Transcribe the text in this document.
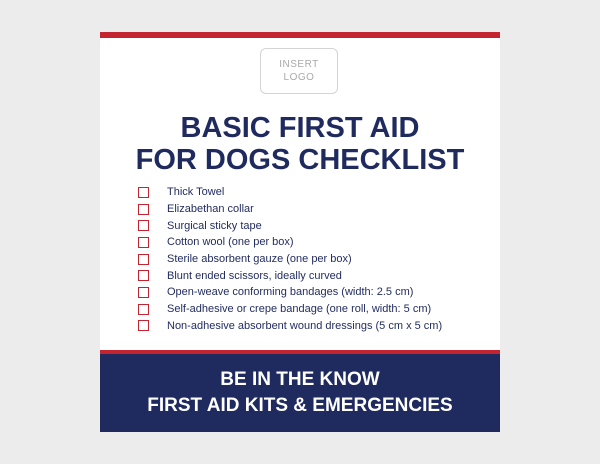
INSERT
LOGO
BASIC FIRST AID
FOR DOGS CHECKLIST
Thick Towel
Elizabethan collar
Surgical sticky tape
Cotton wool (one per box)
Sterile absorbent gauze (one per box)
Blunt ended scissors, ideally curved
Open-weave conforming bandages (width: 2.5 cm)
Self-adhesive or crepe bandage (one roll, width: 5 cm)
Non-adhesive absorbent wound dressings (5 cm x 5 cm)
BE IN THE KNOW
FIRST AID KITS & EMERGENCIES
